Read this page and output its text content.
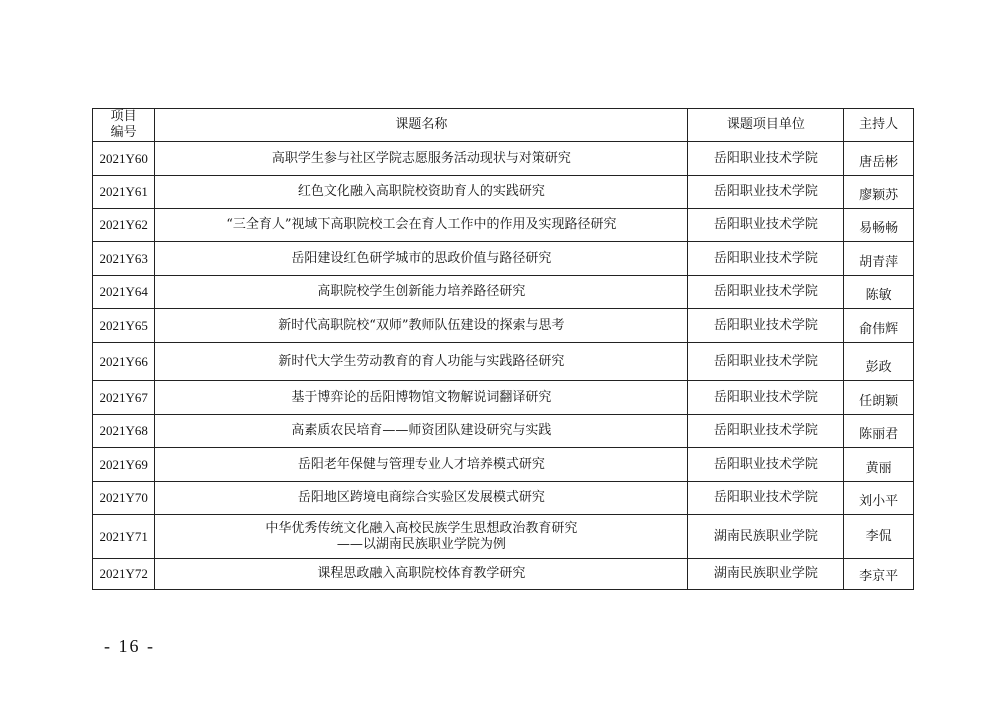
项目
编号	课题名称	课题项目单位	主持人
2021Y60	高职学生参与社区学院志愿服务活动现状与对策研究	岳阳职业技术学院	唐岳彬
2021Y61	红色文化融入高职院校资助育人的实践研究	岳阳职业技术学院	廖颖苏
2021Y62	“三全育人”视域下高职院校工会在育人工作中的作用及实现路径研究	岳阳职业技术学院	易畅畅
2021Y63	岳阳建设红色研学城市的思政价值与路径研究	岳阳职业技术学院	胡青萍
2021Y64	高职院校学生创新能力培养路径研究	岳阳职业技术学院	陈敏
2021Y65	新时代高职院校“双师”教师队伍建设的探索与思考	岳阳职业技术学院	俞伟辉
2021Y66	新时代大学生劳动教育的育人功能与实践路径研究	岳阳职业技术学院	彭政
2021Y67	基于博弈论的岳阳博物馆文物解说词翻译研究	岳阳职业技术学院	任朗颖
2021Y68	高素质农民培育——师资团队建设研究与实践	岳阳职业技术学院	陈丽君
2021Y69	岳阳老年保健与管理专业人才培养模式研究	岳阳职业技术学院	黄丽
2021Y70	岳阳地区跨境电商综合实验区发展模式研究	岳阳职业技术学院	刘小平
2021Y71	中华优秀传统文化融入高校民族学生思想政治教育研究
——以湖南民族职业学院为例	湖南民族职业学院	李侃
2021Y72	课程思政融入高职院校体育教学研究	湖南民族职业学院	李京平
- 16 -
